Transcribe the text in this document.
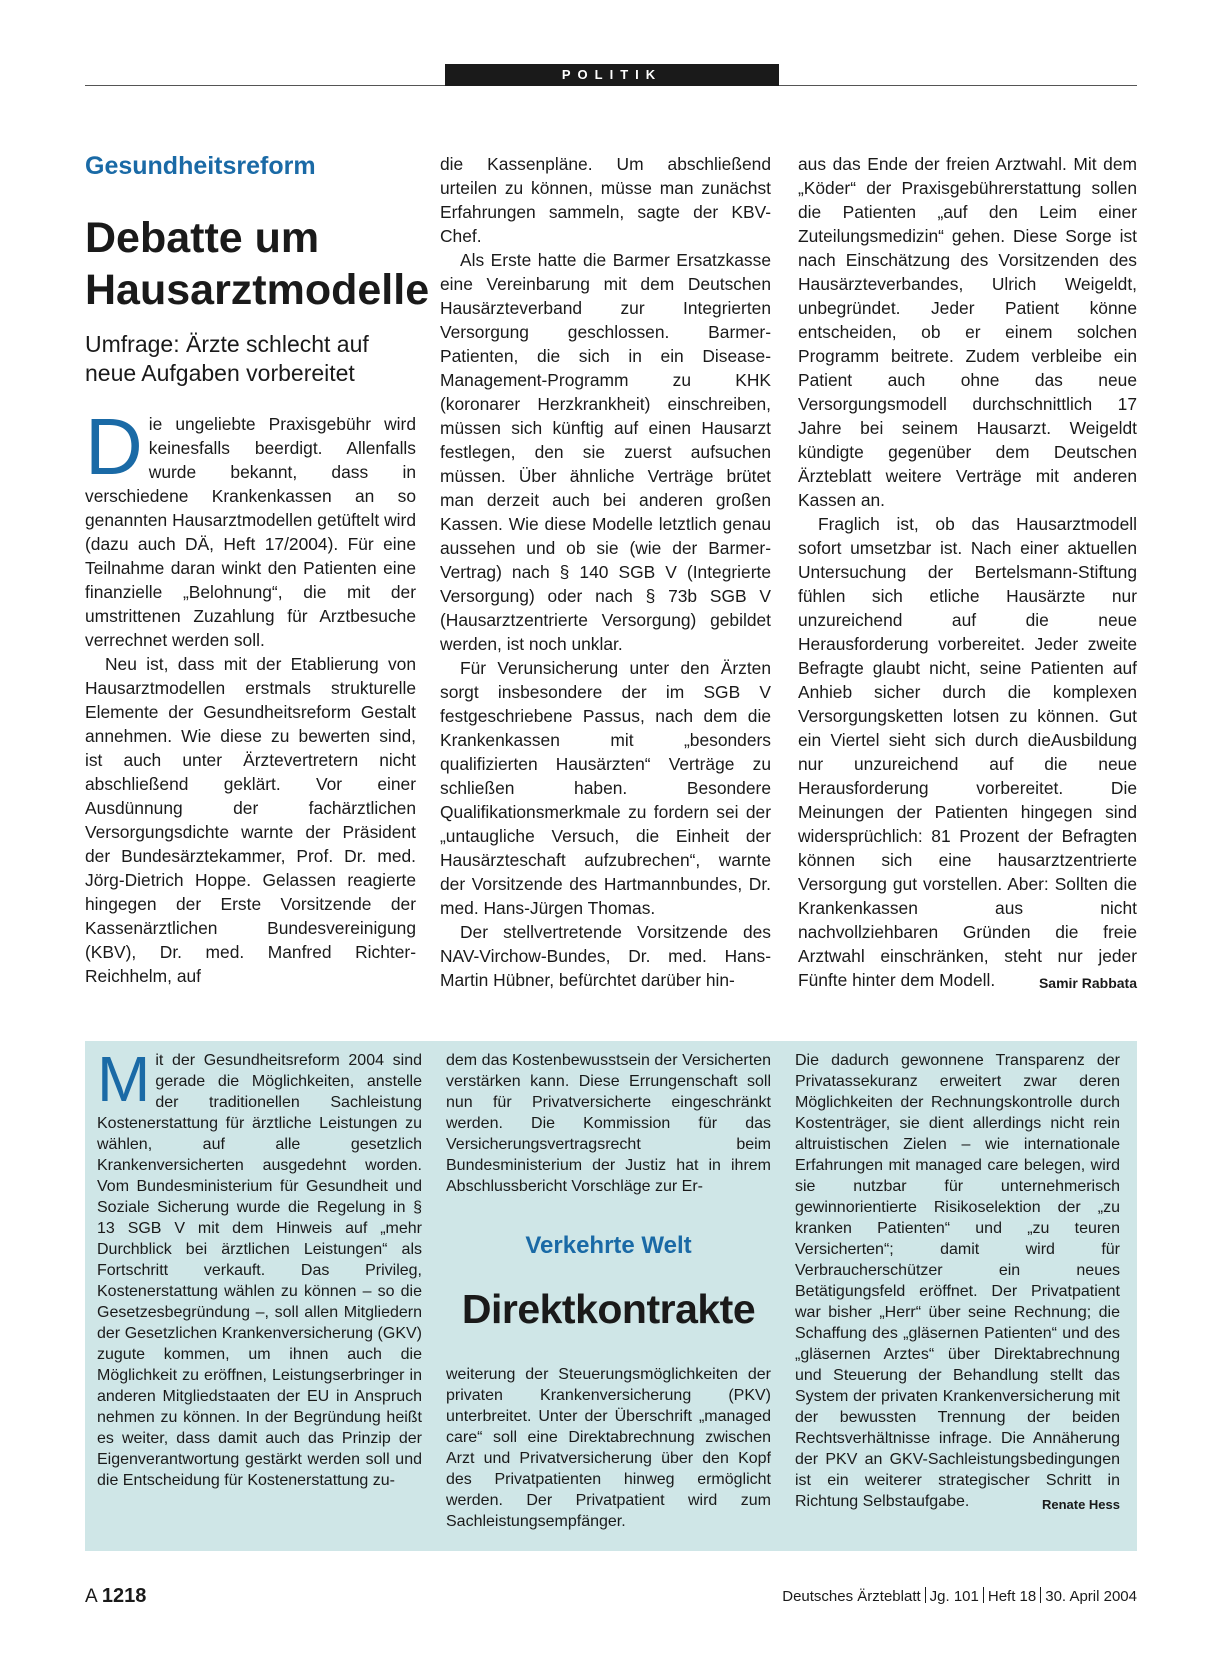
POLITIK
Gesundheitsreform
Debatte um Hausarztmodelle
Umfrage: Ärzte schlecht auf neue Aufgaben vorbereitet

Die ungeliebte Praxisgebühr wird keinesfalls beerdigt. Allenfalls wurde bekannt, dass in verschiedene Krankenkassen an so genannten Hausarztmodellen getüftelt wird (dazu auch DÄ, Heft 17/2004). Für eine Teilnahme daran winkt den Patienten eine finanzielle „Belohnung“, die mit der umstrittenen Zuzahlung für Arztbesuche verrechnet werden soll.

Neu ist, dass mit der Etablierung von Hausarztmodellen erstmals strukturelle Elemente der Gesundheitsreform Gestalt annehmen. Wie diese zu bewerten sind, ist auch unter Ärztevertretern nicht abschließend geklärt. Vor einer Ausdünnung der fachärztlichen Versorgungsdichte warnte der Präsident der Bundesärztekammer, Prof. Dr. med. Jörg-Dietrich Hoppe. Gelassen reagierte hingegen der Erste Vorsitzende der Kassenärztlichen Bundesvereinigung (KBV), Dr. med. Manfred Richter-Reichhelm, auf

die Kassenpläne. Um abschließend urteilen zu können, müsse man zunächst Erfahrungen sammeln, sagte der KBV-Chef.

Als Erste hatte die Barmer Ersatzkasse eine Vereinbarung mit dem Deutschen Hausärzteverband zur Integrierten Versorgung geschlossen. Barmer-Patienten, die sich in ein Disease-Management-Programm zu KHK (koronarer Herzkrankheit) einschreiben, müssen sich künftig auf einen Hausarzt festlegen, den sie zuerst aufsuchen müssen. Über ähnliche Verträge brütet man derzeit auch bei anderen großen Kassen. Wie diese Modelle letztlich genau aussehen und ob sie (wie der Barmer-Vertrag) nach § 140 SGB V (Integrierte Versorgung) oder nach § 73b SGB V (Hausarztzentrierte Versorgung) gebildet werden, ist noch unklar.

Für Verunsicherung unter den Ärzten sorgt insbesondere der im SGB V festgeschriebene Passus, nach dem die Krankenkassen mit „besonders qualifizierten Hausärzten“ Verträge zu schließen haben. Besondere Qualifikationsmerkmale zu fordern sei der „untaugliche Versuch, die Einheit der Hausärzteschaft aufzubrechen“, warnte der Vorsitzende des Hartmannbundes, Dr. med. Hans-Jürgen Thomas.

Der stellvertretende Vorsitzende des NAV-Virchow-Bundes, Dr. med. Hans-Martin Hübner, befürchtet darüber hin-

aus das Ende der freien Arztwahl. Mit dem „Köder“ der Praxisgebührerstattung sollen die Patienten „auf den Leim einer Zuteilungsmedizin“ gehen. Diese Sorge ist nach Einschätzung des Vorsitzenden des Hausärzteverbandes, Ulrich Weigeldt, unbegründet. Jeder Patient könne entscheiden, ob er einem solchen Programm beitrete. Zudem verbleibe ein Patient auch ohne das neue Versorgungsmodell durchschnittlich 17 Jahre bei seinem Hausarzt. Weigeldt kündigte gegenüber dem Deutschen Ärzteblatt weitere Verträge mit anderen Kassen an.

Fraglich ist, ob das Hausarztmodell sofort umsetzbar ist. Nach einer aktuellen Untersuchung der Bertelsmann-Stiftung fühlen sich etliche Hausärzte nur unzureichend auf die neue Herausforderung vorbereitet. Jeder zweite Befragte glaubt nicht, seine Patienten auf Anhieb sicher durch die komplexen Versorgungsketten lotsen zu können. Gut ein Viertel sieht sich durch dieAusbildung nur unzureichend auf die neue Herausforderung vorbereitet. Die Meinungen der Patienten hingegen sind widersprüchlich: 81 Prozent der Befragten können sich eine hausarztzentrierte Versorgung gut vorstellen. Aber: Sollten die Krankenkassen aus nicht nachvollziehbaren Gründen die freie Arztwahl einschränken, steht nur jeder Fünfte hinter dem Modell.	Samir Rabbata

Mit der Gesundheitsreform 2004 sind gerade die Möglichkeiten, anstelle der traditionellen Sachleistung Kostenerstattung für ärztliche Leistungen zu wählen, auf alle gesetzlich Krankenversicherten ausgedehnt worden. Vom Bundesministerium für Gesundheit und Soziale Sicherung wurde die Regelung in § 13 SGB V mit dem Hinweis auf „mehr Durchblick bei ärztlichen Leistungen“ als Fortschritt verkauft. Das Privileg, Kostenerstattung wählen zu können – so die Gesetzesbegründung –, soll allen Mitgliedern der Gesetzlichen Krankenversicherung (GKV) zugute kommen, um ihnen auch die Möglichkeit zu eröffnen, Leistungserbringer in anderen Mitgliedstaaten der EU in Anspruch nehmen zu können. In der Begründung heißt es weiter, dass damit auch das Prinzip der Eigenverantwortung gestärkt werden soll und die Entscheidung für Kostenerstattung zu-

dem das Kostenbewusstsein der Versicherten verstärken kann. Diese Errungenschaft soll nun für Privatversicherte eingeschränkt werden. Die Kommission für das Versicherungsvertragsrecht beim Bundesministerium der Justiz hat in ihrem Abschlussbericht Vorschläge zur Er-

Verkehrte Welt
Direktkontrakte

weiterung der Steuerungsmöglichkeiten der privaten Krankenversicherung (PKV) unterbreitet. Unter der Überschrift „managed care“ soll eine Direktabrechnung zwischen Arzt und Privatversicherung über den Kopf des Privatpatienten hinweg ermöglicht werden. Der Privatpatient wird zum Sachleistungsempfänger.

Die dadurch gewonnene Transparenz der Privatassekuranz erweitert zwar deren Möglichkeiten der Rechnungskontrolle durch Kostenträger, sie dient allerdings nicht rein altruistischen Zielen – wie internationale Erfahrungen mit managed care belegen, wird sie nutzbar für unternehmerisch gewinnorientierte Risikoselektion der „zu kranken Patienten“ und „zu teuren Versicherten“; damit wird für Verbraucherschützer ein neues Betätigungsfeld eröffnet. Der Privatpatient war bisher „Herr“ über seine Rechnung; die Schaffung des „gläsernen Patienten“ und des „gläsernen Arztes“ über Direktabrechnung und Steuerung der Behandlung stellt das System der privaten Krankenversicherung mit der bewussten Trennung der beiden Rechtsverhältnisse infrage. Die Annäherung der PKV an GKV-Sachleistungsbedingungen ist ein weiterer strategischer Schritt in Richtung Selbstaufgabe.	Renate Hess

A 1218	Deutsches Ärzteblatt Jg. 101 Heft 18 30. April 2004
